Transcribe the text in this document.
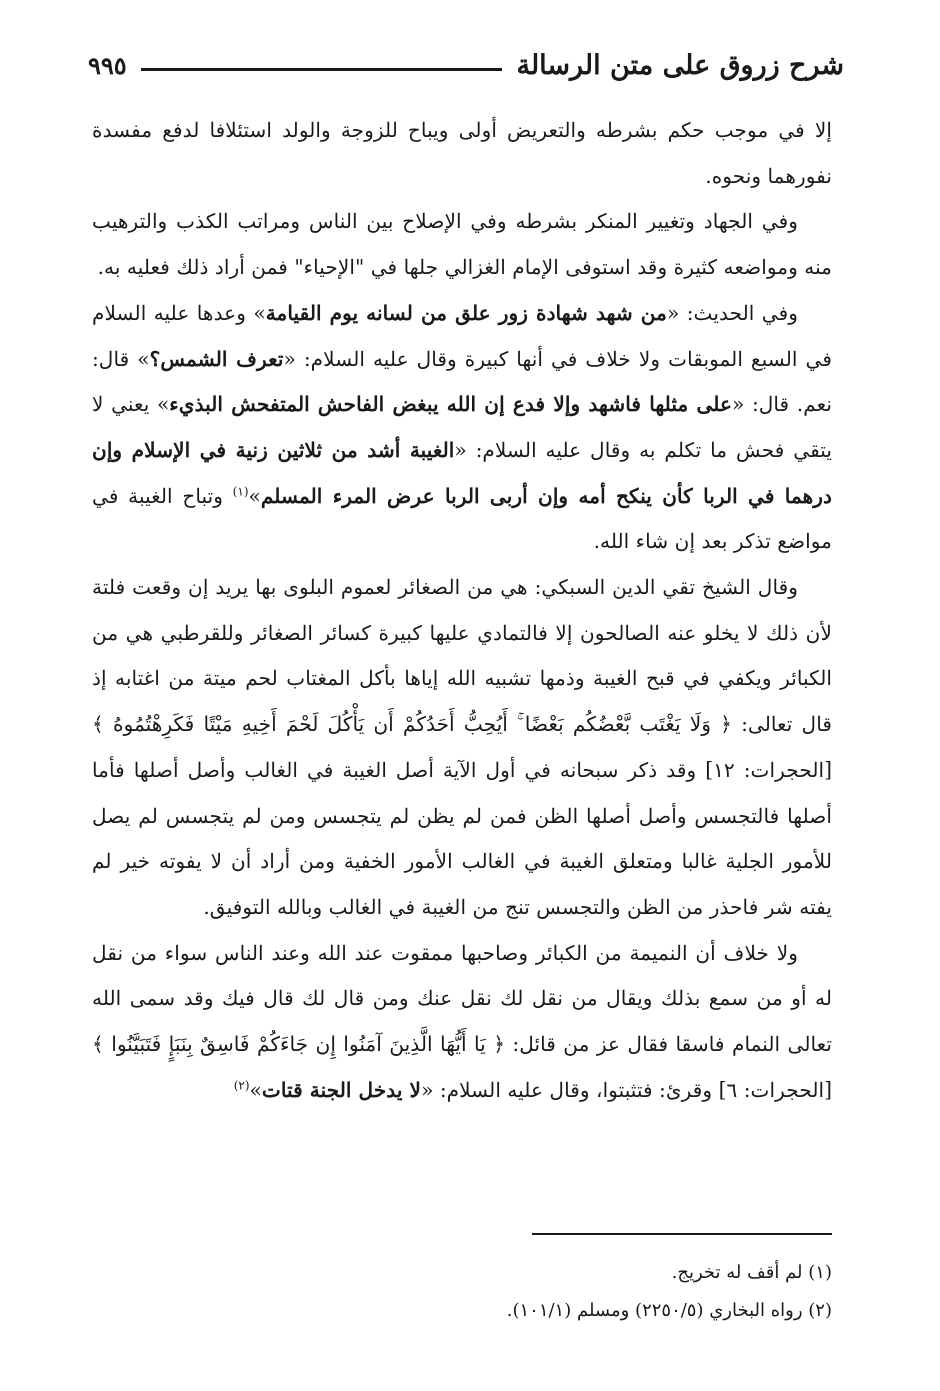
شرح زروق على متن الرسالة
٩٩٥

إلا في موجب حكم بشرطه والتعريض أولى ويباح للزوجة والولد استئلافا لدفع مفسدة نفورهما ونحوه.

وفي الجهاد وتغيير المنكر بشرطه وفي الإصلاح بين الناس ومراتب الكذب والترهيب منه ومواضعه كثيرة وقد استوفى الإمام الغزالي جلها في "الإحياء" فمن أراد ذلك فعليه به.

وفي الحديث: «من شهد شهادة زور علق من لسانه يوم القيامة» وعدها عليه السلام في السبع الموبقات ولا خلاف في أنها كبيرة وقال عليه السلام: «تعرف الشمس؟» قال: نعم. قال: «على مثلها فاشهد وإلا فدع إن الله يبغض الفاحش المتفحش البذيء» يعني لا يتقي فحش ما تكلم به وقال عليه السلام: «الغيبة أشد من ثلاثين زنية في الإسلام وإن درهما في الربا كأن ينكح أمه وإن أربى الربا عرض المرء المسلم»$^{(١)}$ وتباح الغيبة في مواضع تذكر بعد إن شاء الله.

وقال الشيخ تقي الدين السبكي: هي من الصغائر لعموم البلوى بها يريد إن وقعت فلتة لأن ذلك لا يخلو عنه الصالحون إلا فالتمادي عليها كبيرة كسائر الصغائر وللقرطبي هي من الكبائر ويكفي في قبح الغيبة وذمها تشبيه الله إياها بأكل المغتاب لحم ميتة من اغتابه إذ قال تعالى: ﴿ وَلَا يَغْتَب بَّعْضُكُم بَعْضًا ۚ أَيُحِبُّ أَحَدُكُمْ أَن يَأْكُلَ لَحْمَ أَخِيهِ مَيْتًا فَكَرِهْتُمُوهُ ﴾ [الحجرات: ١٢] وقد ذكر سبحانه في أول الآية أصل الغيبة في الغالب وأصل أصلها فأما أصلها فالتجسس وأصل أصلها الظن فمن لم يظن لم يتجسس ومن لم يتجسس لم يصل للأمور الجلية غالبا ومتعلق الغيبة في الغالب الأمور الخفية ومن أراد أن لا يفوته خير لم يفته شر فاحذر من الظن والتجسس تنج من الغيبة في الغالب وبالله التوفيق.

ولا خلاف أن النميمة من الكبائر وصاحبها ممقوت عند الله وعند الناس سواء من نقل له أو من سمع بذلك ويقال من نقل لك نقل عنك ومن قال لك قال فيك وقد سمى الله تعالى النمام فاسقا فقال عز من قائل: ﴿ يَا أَيُّهَا الَّذِينَ آمَنُوا إِن جَاءَكُمْ فَاسِقٌ بِنَبَإٍ فَتَبَيَّنُوا ﴾ [الحجرات: ٦] وقرئ: فتثبتوا، وقال عليه السلام: «لا يدخل الجنة قتات»$^{(٢)}$

(١) لم أقف له تخريج.

(٢) رواه البخاري (٢٢٥٠/٥) ومسلم (١٠١/١).
